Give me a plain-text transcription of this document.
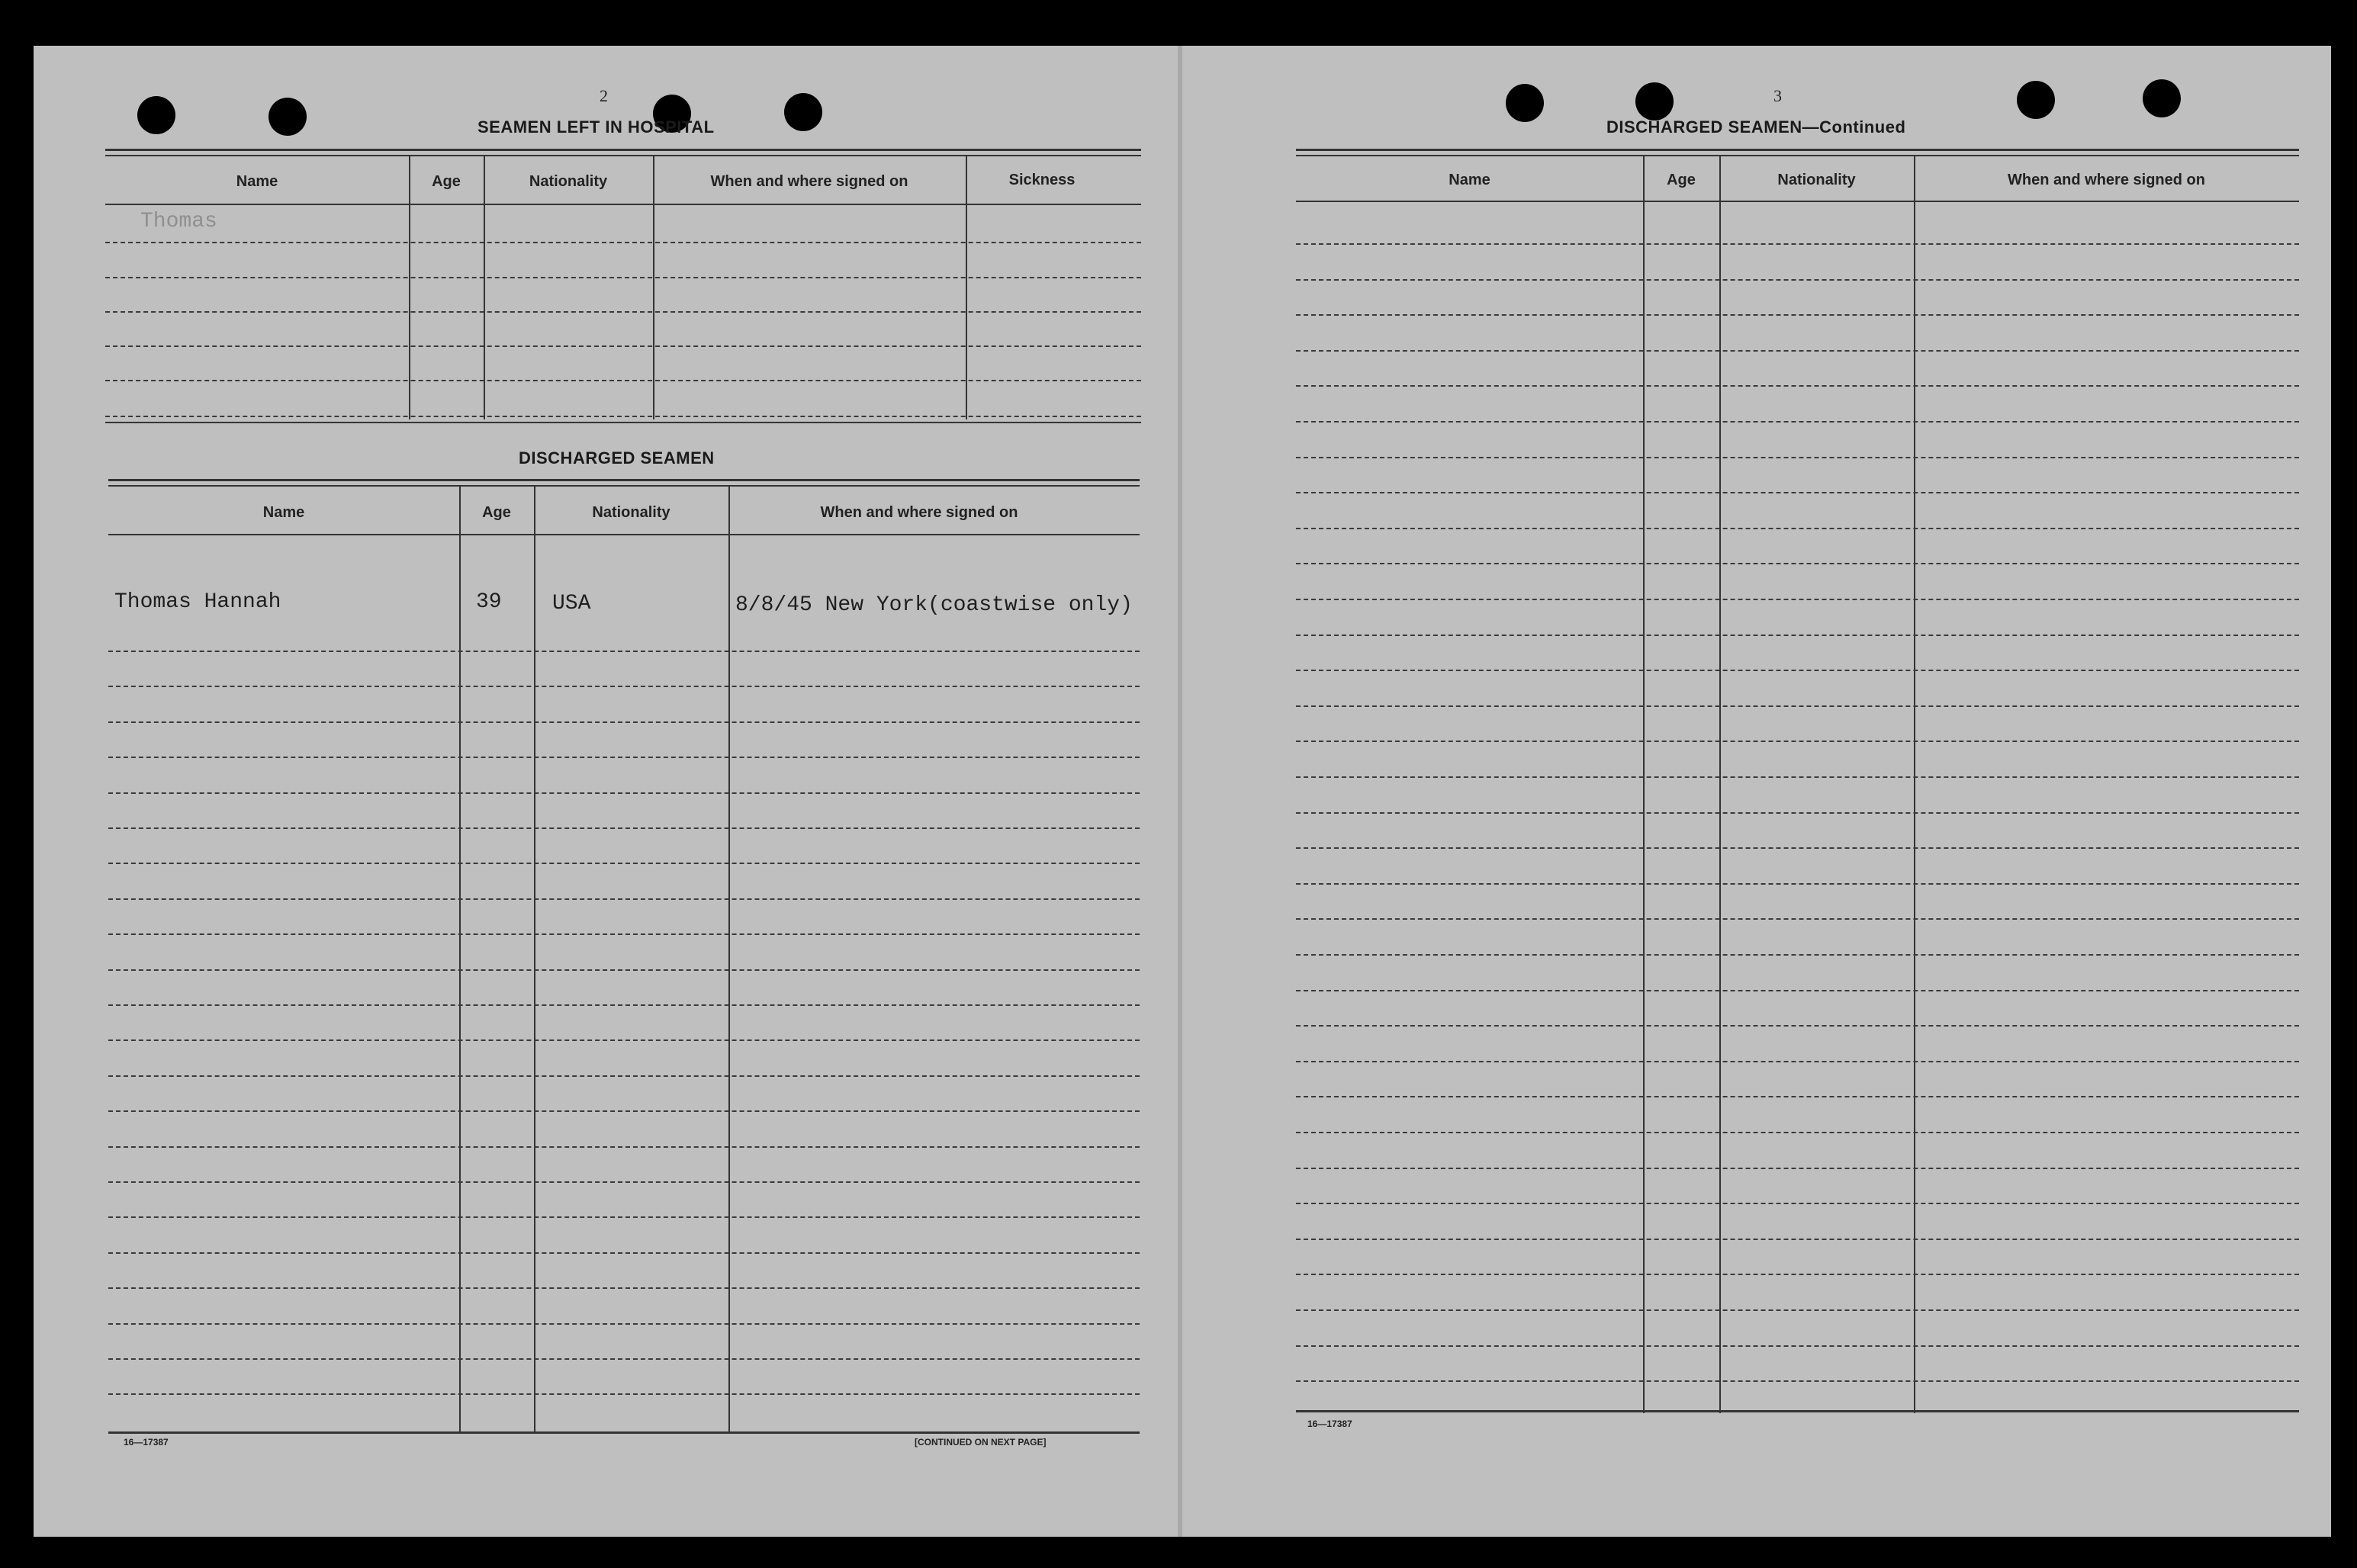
2
SEAMEN LEFT IN HOSPITAL
Name	Age	Nationality	When and where signed on	Sickness
Thomas
DISCHARGED SEAMEN
Name	Age	Nationality	When and where signed on
Thomas Hannah	39 USA	8/8/45 New York(coastwise only)
16—17387	[CONTINUED ON NEXT PAGE]
3
DISCHARGED SEAMEN—Continued
Name	Age	Nationality	When and where signed on
16—17387
